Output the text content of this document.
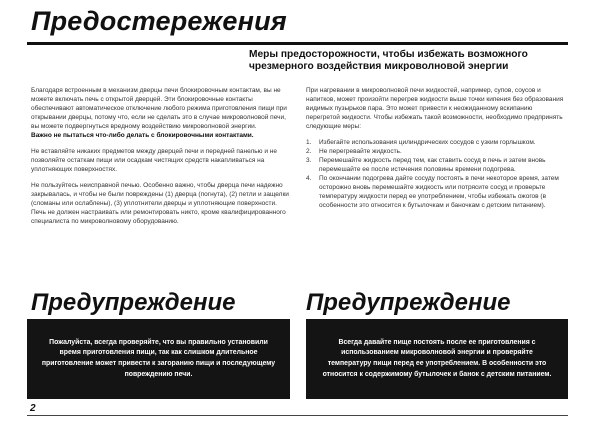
Предостережения
Меры предосторожности, чтобы избежать возможного чрезмерного воздействия микроволновой энергии

Благодаря встроенным в механизм дверцы печи блокировочным контактам, вы не можете включать печь с открытой дверцей. Эти блокировочные контакты обеспечивают автоматическое отключение любого режима приготовления пищи при открывании дверцы, потому что, если не сделать это в случае микроволновой печи, вы можете подвергнуться вредному воздействию микроволновой энергии.

Важно не пытаться что-либо делать с блокировочными контактами.

Не вставляйте никаких предметов между дверцей печи и передней панелью и не позволяйте остаткам пищи или осадкам чистящих средств накапливаться на уплотняющих поверхностях.

Не пользуйтесь неисправной печью. Особенно важно, чтобы дверца печи надежно закрывалась, и чтобы не были повреждены (1) дверца (погнута), (2) петли и защелки (сломаны или ослаблены), (3) уплотнители дверцы и уплотняющие поверхности.

Печь не должен настраивать или ремонтировать никто, кроме квалифицированного специалиста по микроволновому оборудованию.

При нагревании в микроволновой печи жидкостей, например, супов, соусов и напитков, может произойти перегрев жидкости выше точки кипения без образования видимых пузырьков пара. Это может привести к неожиданному вскипанию перегретой жидкости. Чтобы избежать такой возможности, необходимо предпринять следующие меры:

1. Избегайте использования цилиндрических сосудов с узким горлышком.
2. Не перегревайте жидкость.
3. Перемешайте жидкость перед тем, как ставить сосуд в печь и затем вновь перемешайте ее после истечения половины времени подогрева.
4. По окончании подогрева дайте сосуду постоять в печи некоторое время, затем осторожно вновь перемешайте жидкость или потрясите сосуд и проверьте температуру жидкости перед ее употреблением, чтобы избежать ожогов (в особенности это относится к бутылочкам и баночкам с детским питанием).
Предупреждение	Предупреждение
Пожалуйста, всегда проверяйте, что вы правильно установили время приготовления пищи, так как слишком длительное приготовление может привести к загоранию пищи и последующему повреждению печи.
Всегда давайте пище постоять после ее приготовления с использованием микроволновой энергии и проверяйте температуру пищи перед ее употреблением. В особенности это относится к содержимому бутылочек и банок с детским питанием.
2
